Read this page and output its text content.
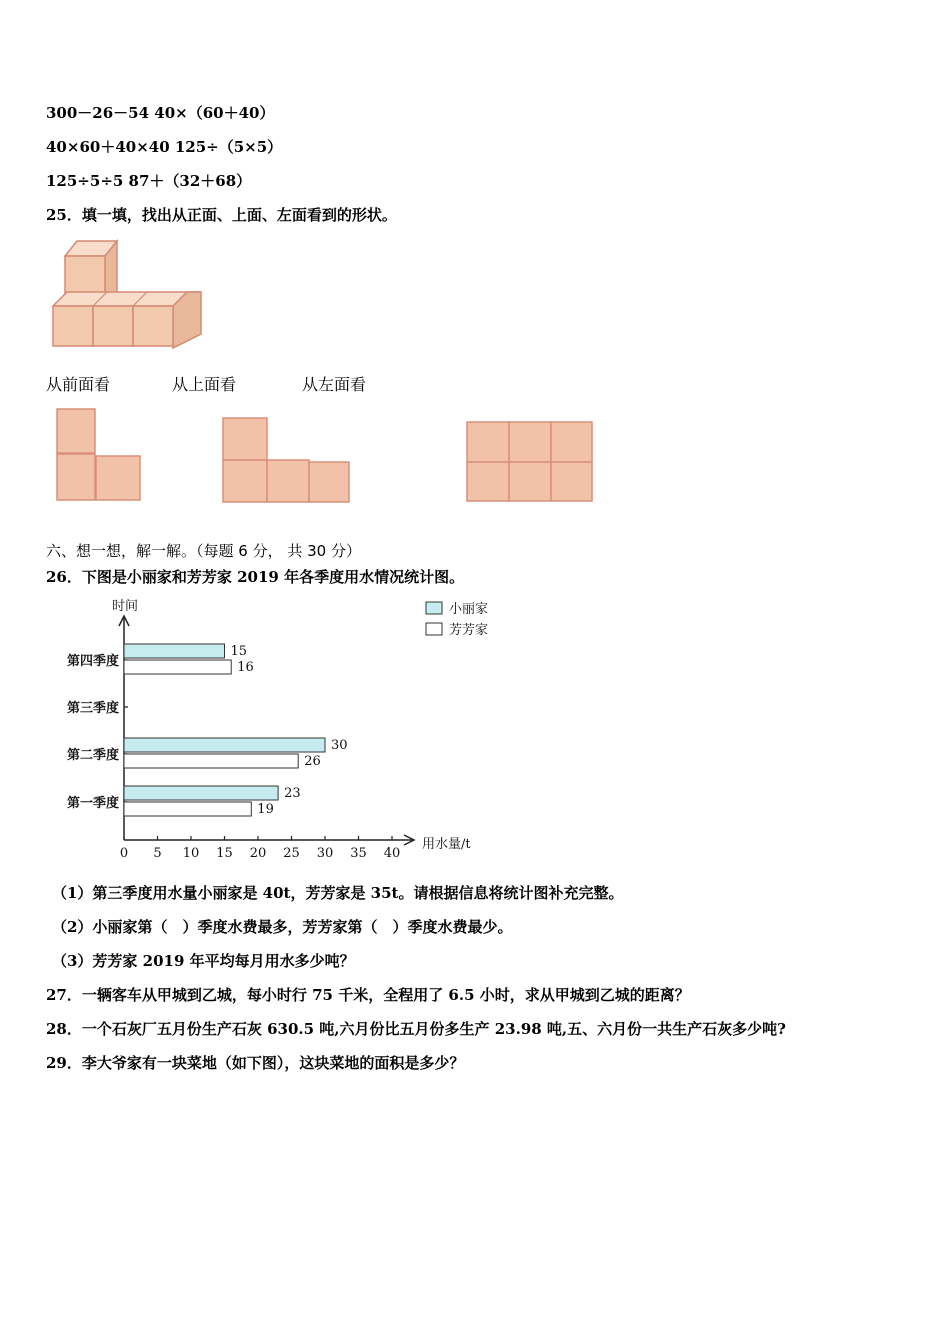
300－26－54 40×（60＋40）
40×60＋40×40 125÷（5×5）
125÷5÷5 87＋（32＋68）
25．填一填，找出从正面、上面、左面看到的形状。
从前面看	从上面看	从左面看
六、想一想，解一解。（每题 6 分， 共 30 分）
26．下图是小丽家和芳芳家 2019 年各季度用水情况统计图。
时间
用水量/t
0 5 10 15 20 25 30 35 40
第一季度
23
19
第二季度
30
26
第三季度
第四季度
15
16
小丽家
芳芳家
（1）第三季度用水量小丽家是 40t，芳芳家是 35t。请根据信息将统计图补充完整。
（2）小丽家第（　）季度水费最多，芳芳家第（　）季度水费最少。
（3）芳芳家 2019 年平均每月用水多少吨？
27．一辆客车从甲城到乙城，每小时行 75 千米，全程用了 6.5 小时，求从甲城到乙城的距离？
28．一个石灰厂五月份生产石灰 630.5 吨,六月份比五月份多生产 23.98 吨,五、六月份一共生产石灰多少吨?
29．李大爷家有一块菜地（如下图），这块菜地的面积是多少？
